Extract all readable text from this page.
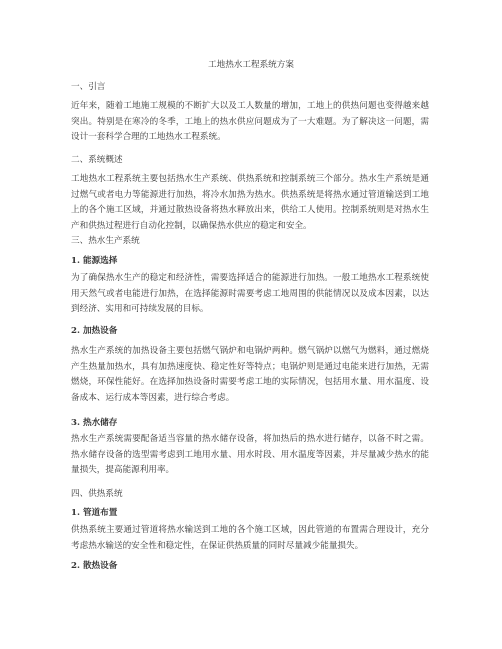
工地热水工程系统方案
一、引言

近年来，随着工地施工规模的不断扩大以及工人数量的增加，工地上的供热问题也变得越来越突出。特别是在寒冷的冬季，工地上的热水供应问题成为了一大难题。为了解决这一问题，需设计一套科学合理的工地热水工程系统。

二、系统概述

工地热水工程系统主要包括热水生产系统、供热系统和控制系统三个部分。热水生产系统是通过燃气或者电力等能源进行加热，将冷水加热为热水。供热系统是将热水通过管道输送到工地上的各个施工区域，并通过散热设备将热水释放出来，供给工人使用。控制系统则是对热水生产和供热过程进行自动化控制，以确保热水供应的稳定和安全。

三、热水生产系统
1. 能源选择

为了确保热水生产的稳定和经济性，需要选择适合的能源进行加热。一般工地热水工程系统使用天然气或者电能进行加热，在选择能源时需要考虑工地周围的供能情况以及成本因素，以达到经济、实用和可持续发展的目标。

2. 加热设备

热水生产系统的加热设备主要包括燃气锅炉和电锅炉两种。燃气锅炉以燃气为燃料，通过燃烧产生热量加热水，具有加热速度快、稳定性好等特点；电锅炉则是通过电能来进行加热，无需燃烧，环保性能好。在选择加热设备时需要考虑工地的实际情况，包括用水量、用水温度、设备成本、运行成本等因素，进行综合考虑。

3. 热水储存

热水生产系统需要配备适当容量的热水储存设备，将加热后的热水进行储存，以备不时之需。热水储存设备的选型需考虑到工地用水量、用水时段、用水温度等因素，并尽量减少热水的能量损失，提高能源利用率。

四、供热系统
1. 管道布置

供热系统主要通过管道将热水输送到工地的各个施工区域，因此管道的布置需合理设计，充分考虑热水输送的安全性和稳定性，在保证供热质量的同时尽量减少能量损失。

2. 散热设备
